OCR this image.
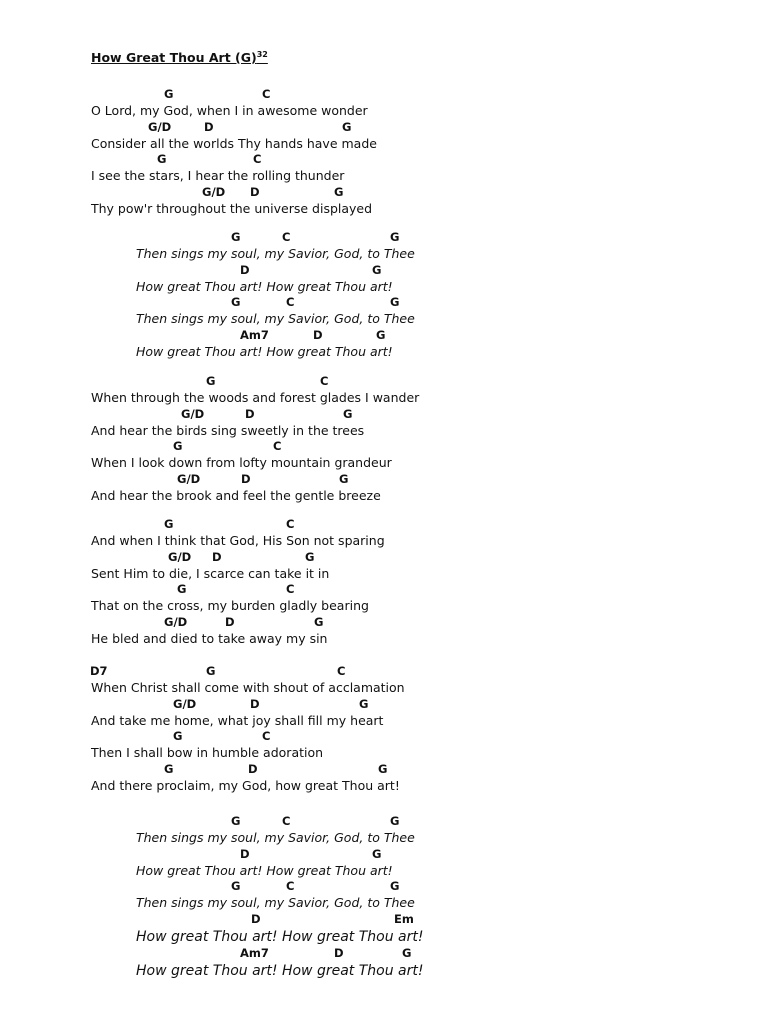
How Great Thou Art $(G)^{32}$
G	C
O Lord, my God, when I in awesome wonder
G/D	D	G
Consider all the worlds Thy hands have made
G	C
I see the stars, I hear the rolling thunder
G/D D	G
Thy pow'r throughout the universe displayed
G	C	G
Then sings my soul, my Savior, God, to Thee
D	G
How great Thou art! How great Thou art!
G	C	G
Then sings my soul, my Savior, God, to Thee
Am7	D	G
How great Thou art! How great Thou art!
G	C
When through the woods and forest glades I wander
G/D	D	G
And hear the birds sing sweetly in the trees
G	C
When I look down from lofty mountain grandeur
G/D	D	G
And hear the brook and feel the gentle breeze
G	C
And when I think that God, His Son not sparing
G/D D	G
Sent Him to die, I scarce can take it in
G	C
That on the cross, my burden gladly bearing
G/D	D	G
He bled and died to take away my sin
D7	G	C
When Christ shall come with shout of acclamation
G/D	D	G
And take me home, what joy shall fill my heart
G	C
Then I shall bow in humble adoration
G	D	G
And there proclaim, my God, how great Thou art!
G	C	G
Then sings my soul, my Savior, God, to Thee
D	G
How great Thou art! How great Thou art!
G	C	G
Then sings my soul, my Savior, God, to Thee
D	Em
How great Thou art! How great Thou art!
Am7	D	G
How great Thou art! How great Thou art!
